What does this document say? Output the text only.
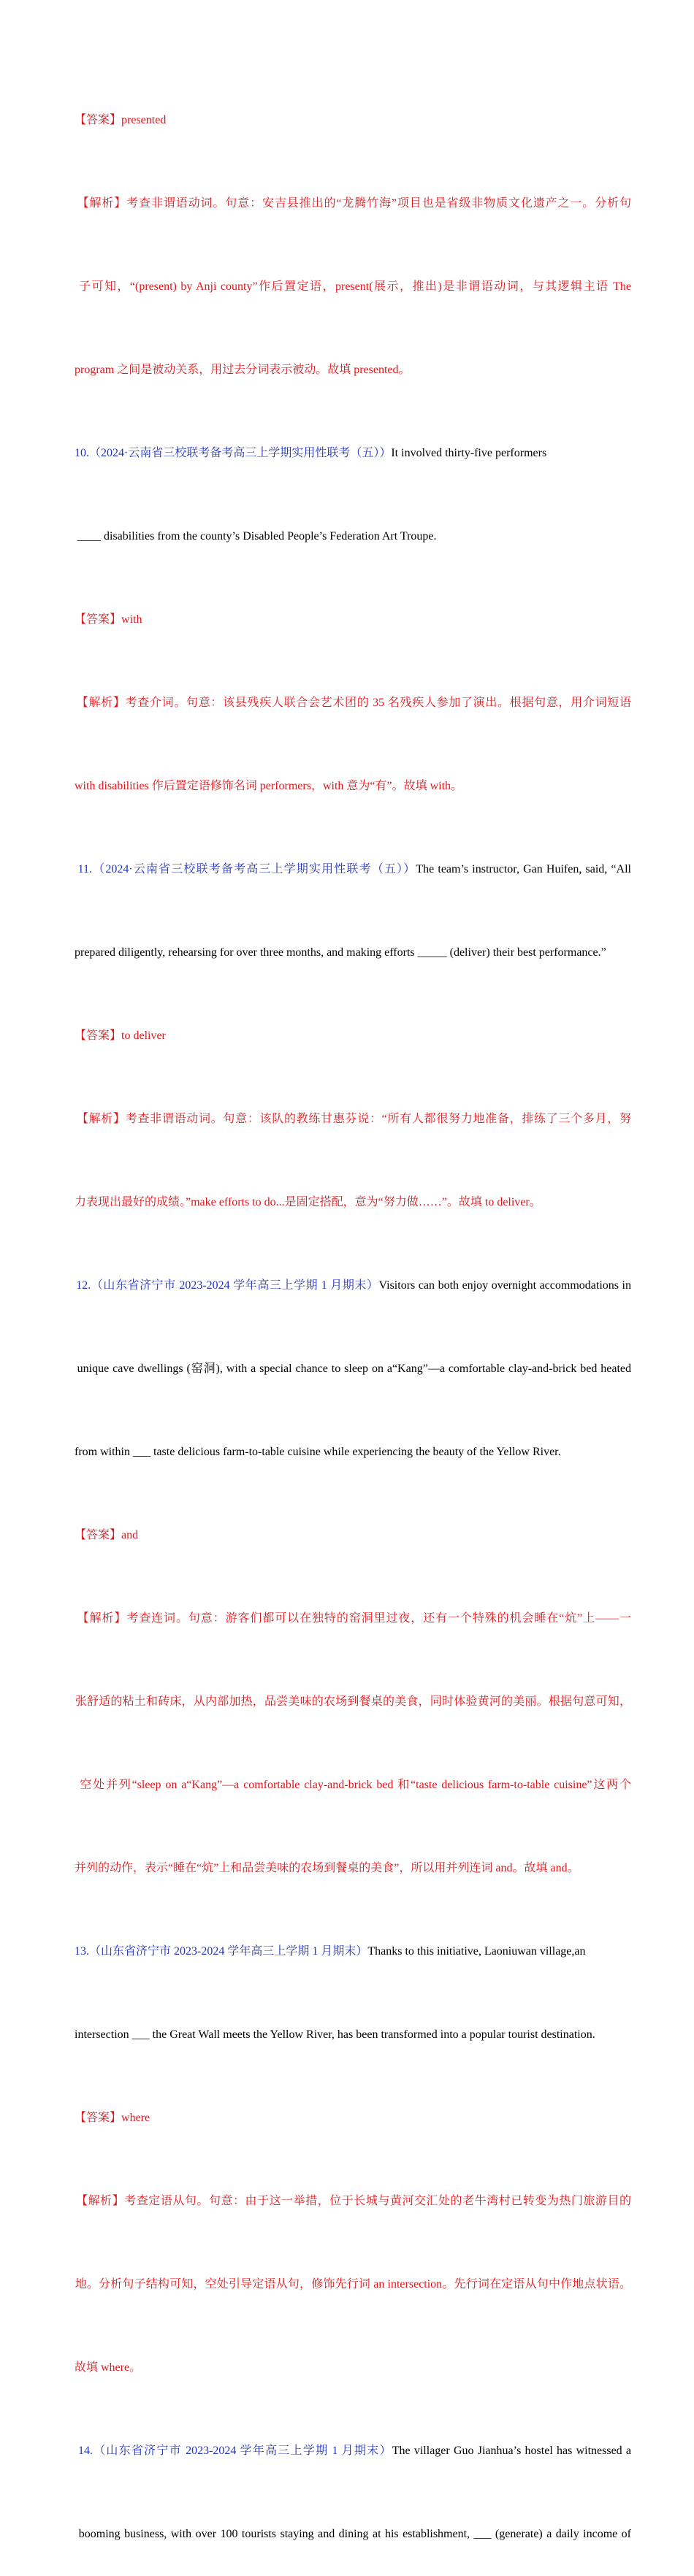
【答案】presented

【解析】考查非谓语动词。句意：安吉县推出的“龙腾竹海”项目也是省级非物质文化遗产之一。分析句

子可知，“(present) by Anji county”作后置定语，present(展示，推出)是非谓语动词，与其逻辑主语 The

program 之间是被动关系，用过去分词表示被动。故填 presented。

10.（2024·云南省三校联考备考高三上学期实用性联考（五））It involved thirty-five performers

____ disabilities from the county’s Disabled People’s Federation Art Troupe.

【答案】with

【解析】考查介词。句意：该县残疾人联合会艺术团的 35 名残疾人参加了演出。根据句意，用介词短语

with disabilities 作后置定语修饰名词 performers，with 意为“有”。故填 with。

11.（2024·云南省三校联考备考高三上学期实用性联考（五））The team’s instructor, Gan Huifen, said, “All

prepared diligently, rehearsing for over three months, and making efforts _____ (deliver) their best performance.”

【答案】to deliver

【解析】考查非谓语动词。句意：该队的教练甘惠芬说：“所有人都很努力地准备，排练了三个多月，努

力表现出最好的成绩。”make efforts to do...是固定搭配，意为“努力做……”。故填 to deliver。

12.（山东省济宁市 2023-2024 学年高三上学期 1 月期末）Visitors can both enjoy overnight accommodations in

unique cave dwellings (窑洞), with a special chance to sleep on a“Kang”—a comfortable clay-and-brick bed heated

from within ___ taste delicious farm-to-table cuisine while experiencing the beauty of the Yellow River.

【答案】and

【解析】考查连词。句意：游客们都可以在独特的窑洞里过夜，还有一个特殊的机会睡在“炕”上——一

张舒适的粘土和砖床，从内部加热，品尝美味的农场到餐桌的美食，同时体验黄河的美丽。根据句意可知，

空处并列“sleep on a“Kang”—a comfortable clay-and-brick bed 和“taste delicious farm-to-table cuisine”这两个

并列的动作，表示“睡在“炕”上和品尝美味的农场到餐桌的美食”，所以用并列连词 and。故填 and。

13.（山东省济宁市 2023-2024 学年高三上学期 1 月期末）Thanks to this initiative, Laoniuwan village,an

intersection ___ the Great Wall meets the Yellow River, has been transformed into a popular tourist destination.

【答案】where

【解析】考查定语从句。句意：由于这一举措，位于长城与黄河交汇处的老牛湾村已转变为热门旅游目的

地。分析句子结构可知，空处引导定语从句，修饰先行词 an intersection。先行词在定语从句中作地点状语。

故填 where。

14.（山东省济宁市 2023-2024 学年高三上学期 1 月期末）The villager Guo Jianhua’s hostel has witnessed a

booming business, with over 100 tourists staying and dining at his establishment, ___ (generate) a daily income of
